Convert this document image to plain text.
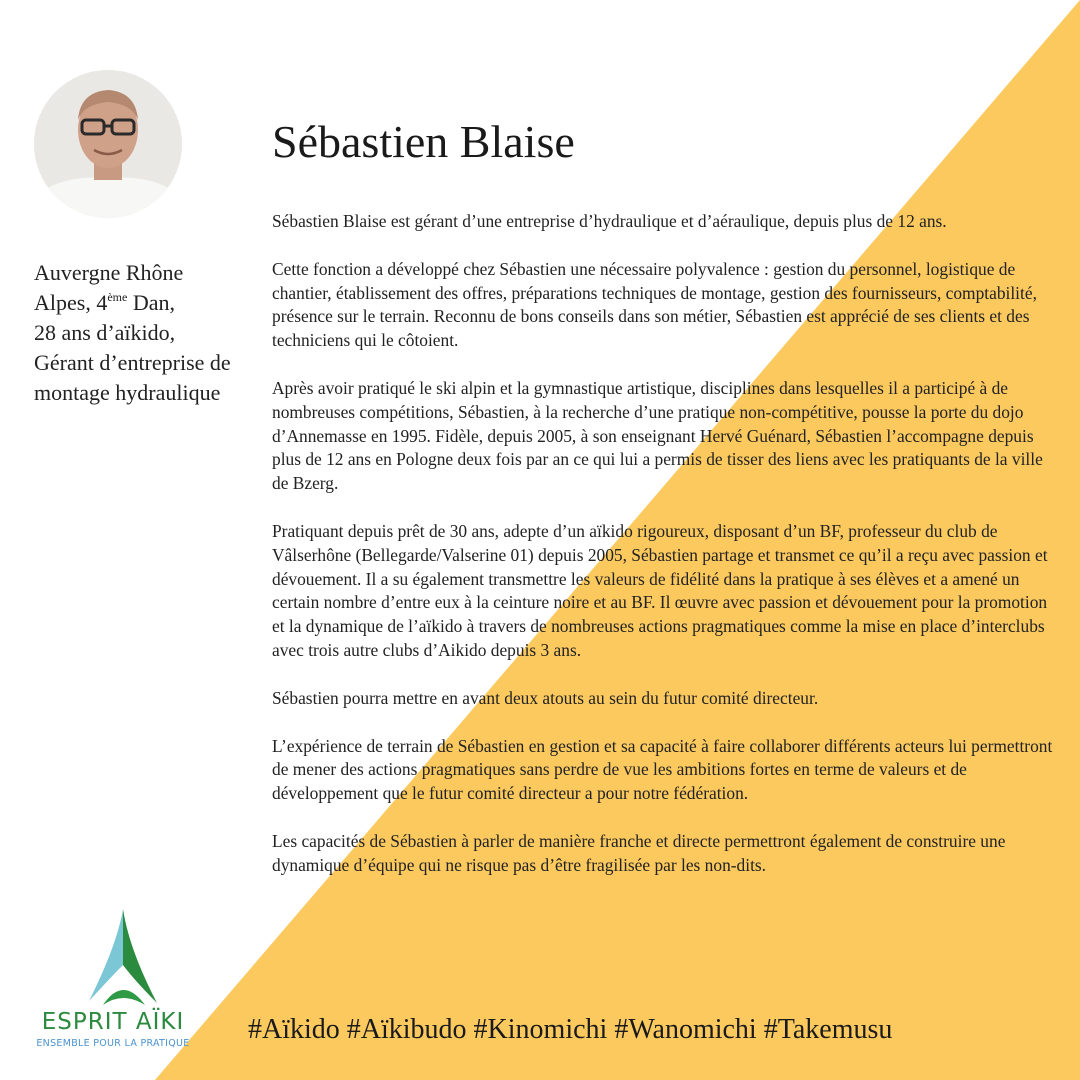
Auvergne Rhône Alpes, 4ème Dan,
28 ans d’aïkido,
Gérant d’entreprise de montage hydraulique
Sébastien Blaise

Sébastien Blaise est gérant d’une entreprise d’hydraulique et d’aéraulique, depuis plus de 12 ans.

Cette fonction a développé chez Sébastien une nécessaire polyvalence : gestion du personnel, logistique de chantier, établissement des offres, préparations techniques de montage, gestion des fournisseurs, comptabilité, présence sur le terrain. Reconnu de bons conseils dans son métier, Sébastien est apprécié de ses clients et des techniciens qui le côtoient.

Après avoir pratiqué le ski alpin et la gymnastique artistique, disciplines dans lesquelles il a participé à de nombreuses compétitions, Sébastien, à la recherche d’une pratique non-compétitive, pousse la porte du dojo d’Annemasse en 1995. Fidèle, depuis 2005, à son enseignant Hervé Guénard, Sébastien l’accompagne depuis plus de 12 ans en Pologne deux fois par an ce qui lui a permis de tisser des liens avec les pratiquants de la ville de Bzerg.

Pratiquant depuis prêt de 30 ans, adepte d’un aïkido rigoureux, disposant d’un BF, professeur du club de Vâlserhône (Bellegarde/Valserine 01) depuis 2005, Sébastien partage et transmet ce qu’il a reçu avec passion et dévouement. Il a su également transmettre les valeurs de fidélité dans la pratique à ses élèves et a amené un certain nombre d’entre eux à la ceinture noire et au BF. Il œuvre avec passion et dévouement pour la promotion et la dynamique de l’aïkido à travers de nombreuses actions pragmatiques comme la mise en place d’interclubs avec trois autre clubs d’Aikido depuis 3 ans.

Sébastien pourra mettre en avant deux atouts au sein du futur comité directeur.

L’expérience de terrain de Sébastien en gestion et sa capacité à faire collaborer différents acteurs lui permettront de mener des actions pragmatiques sans perdre de vue les ambitions fortes en terme de valeurs et de développement que le futur comité directeur a pour notre fédération.

Les capacités de Sébastien à parler de manière franche et directe permettront également de construire une dynamique d’équipe qui ne risque pas d’être fragilisée par les non-dits.

ESPRIT AÏKI
ENSEMBLE POUR LA PRATIQUE #Aïkido #Aïkibudo #Kinomichi #Wanomichi #Takemusu
